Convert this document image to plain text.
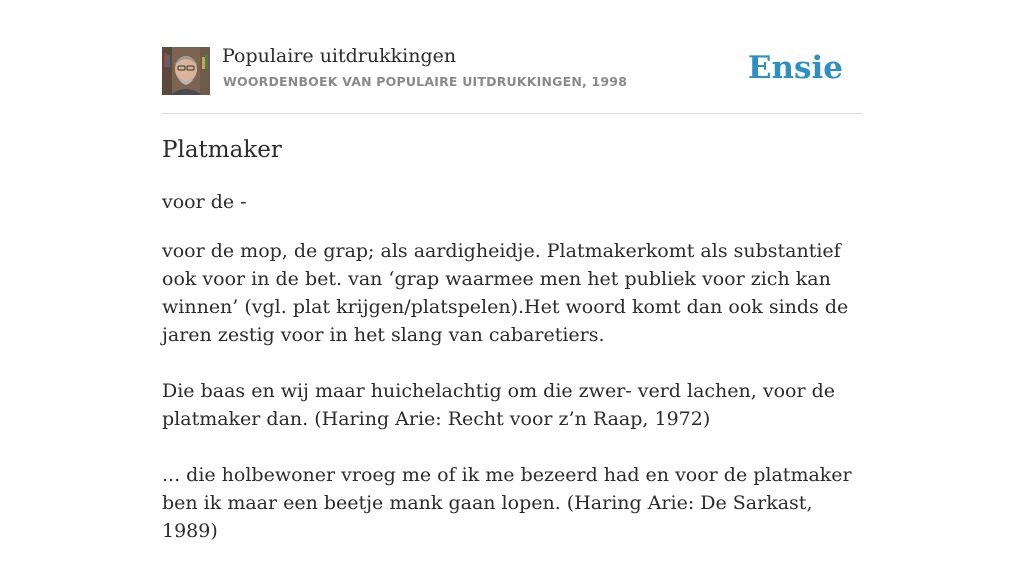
Populaire uitdrukkingen
WOORDENBOEK VAN POPULAIRE UITDRUKKINGEN, 1998	Ensie
Platmaker
voor de -

voor de mop, de grap; als aardigheidje. Platmakerkomt als substantief ook voor in de bet. van ‘grap waarmee men het publiek voor zich kan winnen’ (vgl. plat krijgen/platspelen).Het woord komt dan ook sinds de jaren zestig voor in het slang van cabaretiers.

Die baas en wij maar huichelachtig om die zwer- verd lachen, voor de platmaker dan. (Haring Arie: Recht voor z’n Raap, 1972)

... die holbewoner vroeg me of ik me bezeerd had en voor de platmaker ben ik maar een beetje mank gaan lopen. (Haring Arie: De Sarkast, 1989)
